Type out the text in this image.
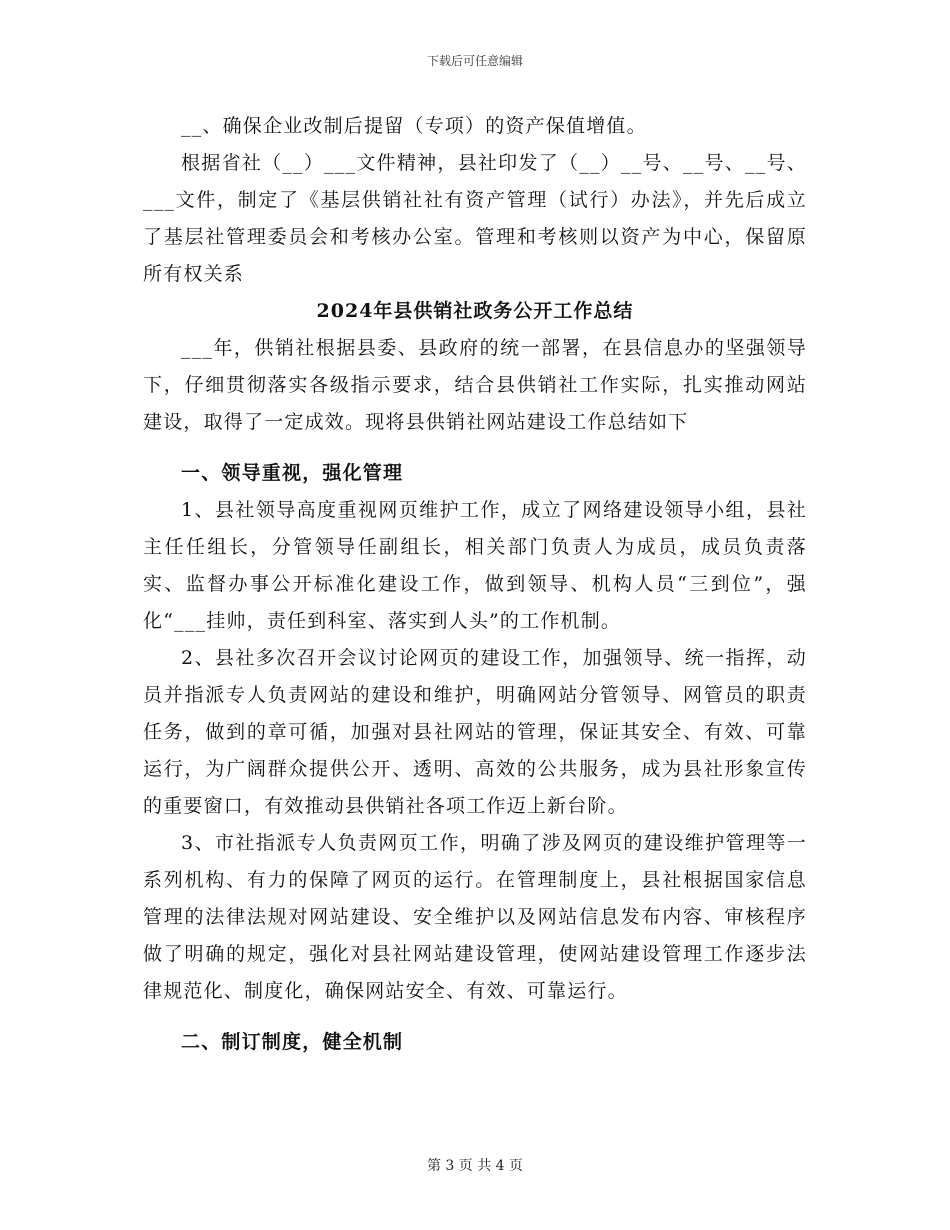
下载后可任意编辑

__、确保企业改制后提留（专项）的资产保值增值。

根据省社（__）___文件精神，县社印发了（__）__号、__号、__号、___文件，制定了《基层供销社社有资产管理（试行）办法》，并先后成立了基层社管理委员会和考核办公室。管理和考核则以资产为中心，保留原所有权关系

2024年县供销社政务公开工作总结

___年，供销社根据县委、县政府的统一部署，在县信息办的坚强领导下，仔细贯彻落实各级指示要求，结合县供销社工作实际，扎实推动网站建设，取得了一定成效。现将县供销社网站建设工作总结如下

一、领导重视，强化管理

1、县社领导高度重视网页维护工作，成立了网络建设领导小组，县社主任任组长，分管领导任副组长，相关部门负责人为成员，成员负责落实、监督办事公开标准化建设工作，做到领导、机构人员“三到位”，强化“___挂帅，责任到科室、落实到人头”的工作机制。

2、县社多次召开会议讨论网页的建设工作，加强领导、统一指挥，动员并指派专人负责网站的建设和维护，明确网站分管领导、网管员的职责任务，做到的章可循，加强对县社网站的管理，保证其安全、有效、可靠运行，为广阔群众提供公开、透明、高效的公共服务，成为县社形象宣传的重要窗口，有效推动县供销社各项工作迈上新台阶。

3、市社指派专人负责网页工作，明确了涉及网页的建设维护管理等一系列机构、有力的保障了网页的运行。在管理制度上，县社根据国家信息管理的法律法规对网站建设、安全维护以及网站信息发布内容、审核程序做了明确的规定，强化对县社网站建设管理，使网站建设管理工作逐步法律规范化、制度化，确保网站安全、有效、可靠运行。

二、制订制度，健全机制
第 3 页 共 4 页
